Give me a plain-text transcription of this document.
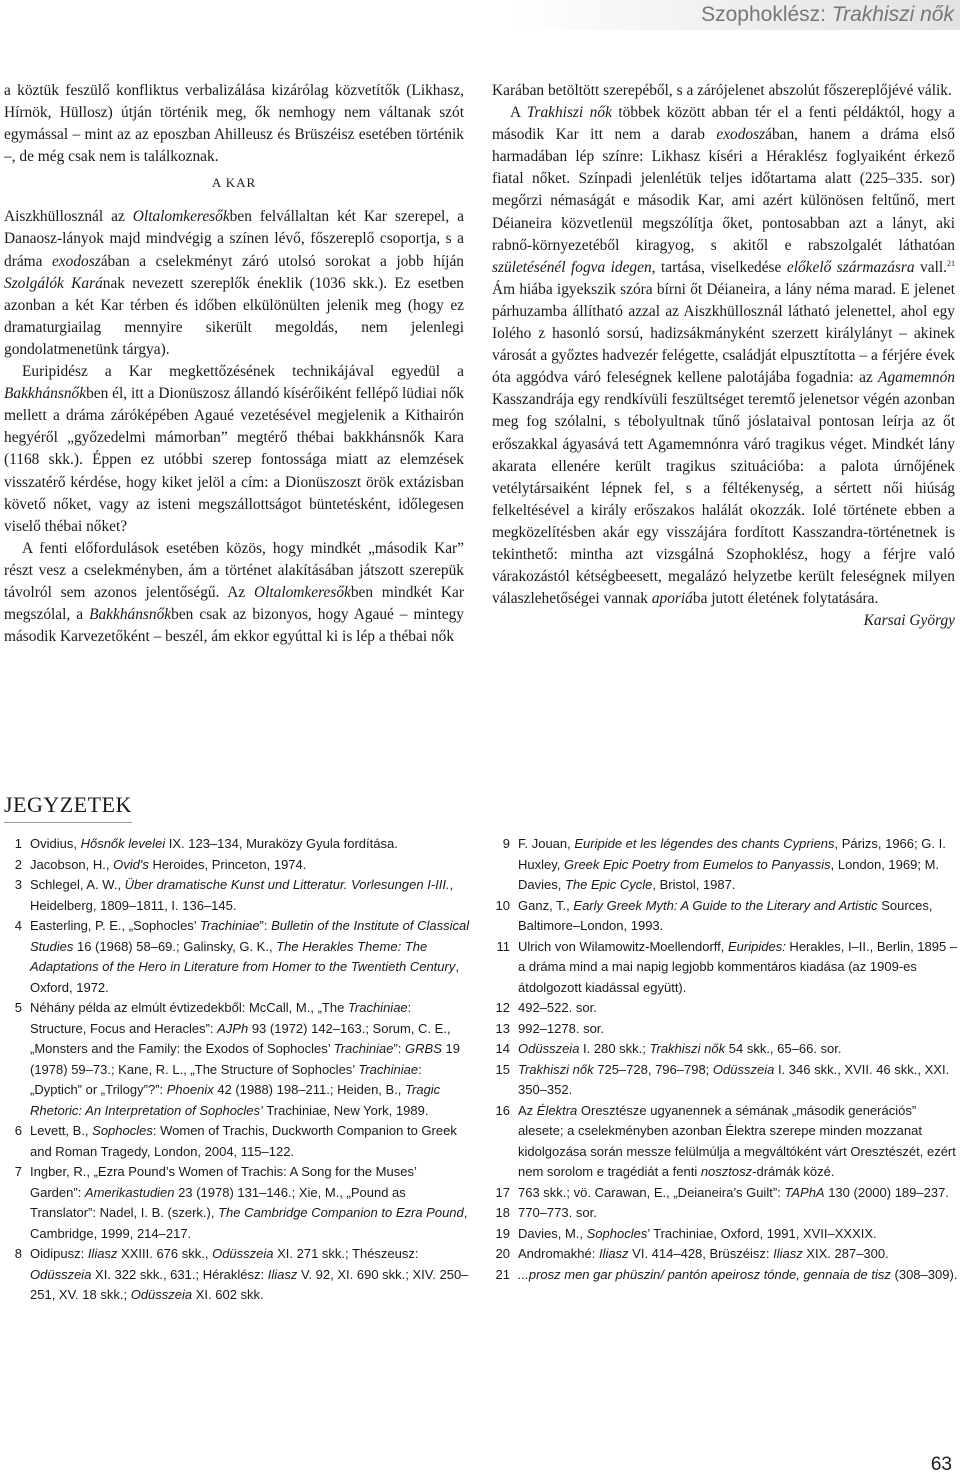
Szophoklész: Trakhiszi nők

a köztük feszülő konfliktus verbalizálása kizárólag közvetítők (Likhasz, Hírnök, Hüllosz) útján történik meg, ők nemhogy nem váltanak szót egymással – mint az az eposzban Ahilleusz és Brüszéisz esetében történik –, de még csak nem is találkoznak.

A KAR

Aiszkhüllosznál az Oltalomkeresőkben felvállaltan két Kar szerepel, a Danaosz-lányok majd mindvégig a színen lévő, főszereplő csoportja, s a dráma exodoszában a cselekményt záró utolsó sorokat a jobb híján Szolgálók Karának nevezett szereplők éneklik (1036 skk.). Ez esetben azonban a két Kar térben és időben elkülönülten jelenik meg (hogy ez dramaturgiailag mennyire sikerült megoldás, nem jelenlegi gondolatmenetünk tárgya).

Euripidész a Kar megkettőzésének technikájával egyedül a Bakkhánsnőkben él, itt a Dionüszosz állandó kísérőiként fellépő lüdiai nők mellett a dráma záróképében Agaué vezetésével megjelenik a Kithairón hegyéről „győzedelmi mámorban” megtérő thébai bakkhánsnők Kara (1168 skk.). Éppen ez utóbbi szerep fontossága miatt az elemzések visszatérő kérdése, hogy kiket jelöl a cím: a Dionüszoszt örök extázisban követő nőket, vagy az isteni megszállottságot büntetésként, időlegesen viselő thébai nőket?

A fenti előfordulások esetében közös, hogy mindkét „második Kar” részt vesz a cselekményben, ám a történet alakításában játszott szerepük távolról sem azonos jelentőségű. Az Oltalomkeresőkben mindkét Kar megszólal, a Bakkhánsnőkben csak az bizonyos, hogy Agaué – mintegy második Karvezetőként – beszél, ám ekkor egyúttal ki is lép a thébai nők

Karában betöltött szerepéből, s a zárójelenet abszolút főszereplőjévé válik.

A Trakhiszi nők többek között abban tér el a fenti példáktól, hogy a második Kar itt nem a darab exodoszában, hanem a dráma első harmadában lép színre: Likhasz kíséri a Héraklész foglyaiként érkező fiatal nőket. Színpadi jelenlétük teljes időtartama alatt (225–335. sor) megőrzi némaságát e második Kar, ami azért különösen feltűnő, mert Déianeira közvetlenül megszólítja őket, pontosabban azt a lányt, aki rabnő-környezetéből kiragyog, s akitől e rabszolgalét láthatóan születésénél fogva idegen, tartása, viselkedése előkelő származásra vall.$^{21}$ Ám hiába igyekszik szóra bírni őt Déianeira, a lány néma marad. E jelenet párhuzamba állítható azzal az Aiszkhüllosznál látható jelenettel, ahol egy Iolého z hasonló sorsú, hadizsákmányként szerzett királylányt – akinek városát a győztes hadvezér felégette, családját elpusztította – a férjére évek óta aggódva váró feleségnek kellene palotájába fogadnia: az Agamemnón Kasszandrája egy rendkívüli feszültséget teremtő jelenetsor végén azonban meg fog szólalni, s tébolyultnak tűnő jóslataival pontosan leírja az őt erőszakkal ágyasává tett Agamemnónra váró tragikus véget. Mindkét lány akarata ellenére került tragikus szituációba: a palota úrnőjének vetélytársaiként lépnek fel, s a féltékenység, a sértett női hiúság felkeltésével a király erőszakos halálát okozzák. Iolé története ebben a megközelítésben akár egy visszájára fordított Kasszandra-történetnek is tekinthető: mintha azt vizsgálná Szophoklész, hogy a férjre való várakozástól kétségbeesett, megalázó helyzetbe került feleségnek milyen válaszlehetőségei vannak aporiába jutott életének folytatására.

Karsai György

JEGYZETEK
1 Ovidius, Hősnők levelei IX. 123–134, Muraközy Gyula fordítása.
2 Jacobson, H., Ovid's Heroides, Princeton, 1974.
3 Schlegel, A. W., Über dramatische Kunst und Litteratur. Vorlesungen I-III., Heidelberg, 1809–1811, I. 136–145.
4 Easterling, P. E., „Sophocles’ Trachiniae”: Bulletin of the Institute of Classical Studies 16 (1968) 58–69.; Galinsky, G. K., The Herakles Theme: The Adaptations of the Hero in Literature from Homer to the Twentieth Century, Oxford, 1972.
5 Néhány példa az elmúlt évtizedekből: McCall, M., „The Trachiniae: Structure, Focus and Heracles”: AJPh 93 (1972) 142–163.; Sorum, C. E., „Monsters and the Family: the Exodos of Sophocles’ Trachiniae”: GRBS 19 (1978) 59–73.; Kane, R. L., „The Structure of Sophocles’ Trachiniae: „Dyptich” or „Trilogy”?”: Phoenix 42 (1988) 198–211.; Heiden, B., Tragic Rhetoric: An Interpretation of Sophocles’ Trachiniae, New York, 1989.
6 Levett, B., Sophocles: Women of Trachis, Duckworth Companion to Greek and Roman Tragedy, London, 2004, 115–122.
7 Ingber, R., „Ezra Pound’s Women of Trachis: A Song for the Muses’ Garden”: Amerikastudien 23 (1978) 131–146.; Xie, M., „Pound as Translator”: Nadel, I. B. (szerk.), The Cambridge Companion to Ezra Pound, Cambridge, 1999, 214–217.
8 Oidipusz: Iliasz XXIII. 676 skk., Odüsszeia XI. 271 skk.; Thészeusz: Odüsszeia XI. 322 skk., 631.; Héraklész: Iliasz V. 92, XI. 690 skk.; XIV. 250–251, XV. 18 skk.; Odüsszeia XI. 602 skk.
9 F. Jouan, Euripide et les légendes des chants Cypriens, Párizs, 1966; G. I. Huxley, Greek Epic Poetry from Eumelos to Panyassis, London, 1969; M. Davies, The Epic Cycle, Bristol, 1987.
10 Ganz, T., Early Greek Myth: A Guide to the Literary and Artistic Sources, Baltimore–London, 1993.
11 Ulrich von Wilamowitz-Moellendorff, Euripides: Herakles, I–II., Berlin, 1895 – a dráma mind a mai napig legjobb kommentáros kiadása (az 1909-es átdolgozott kiadással együtt).
12 492–522. sor.
13 992–1278. sor.
14 Odüsszeia I. 280 skk.; Trakhiszi nők 54 skk., 65–66. sor.
15 Trakhiszi nők 725–728, 796–798; Odüsszeia I. 346 skk., XVII. 46 skk., XXI. 350–352.
16 Az Élektra Oresztésze ugyanennek a sémának „második generációs” alesete; a cselekményben azonban Élektra szerepe minden mozzanat kidolgozása során messze felülmúlja a megváltóként várt Oresztészét, ezért nem sorolom e tragédiát a fenti nosztosz-drámák közé.
17 763 skk.; vö. Carawan, E., „Deianeira’s Guilt”: TAPhA 130 (2000) 189–237.
18 770–773. sor.
19 Davies, M., Sophocles’ Trachiniae, Oxford, 1991, XVII–XXXIX.
20 Andromakhé: Iliasz VI. 414–428, Brüszéisz: Iliasz XIX. 287–300.
21 ...prosz men gar phüszin/ pantón apeirosz tónde, gennaia de tisz (308–309).
63
